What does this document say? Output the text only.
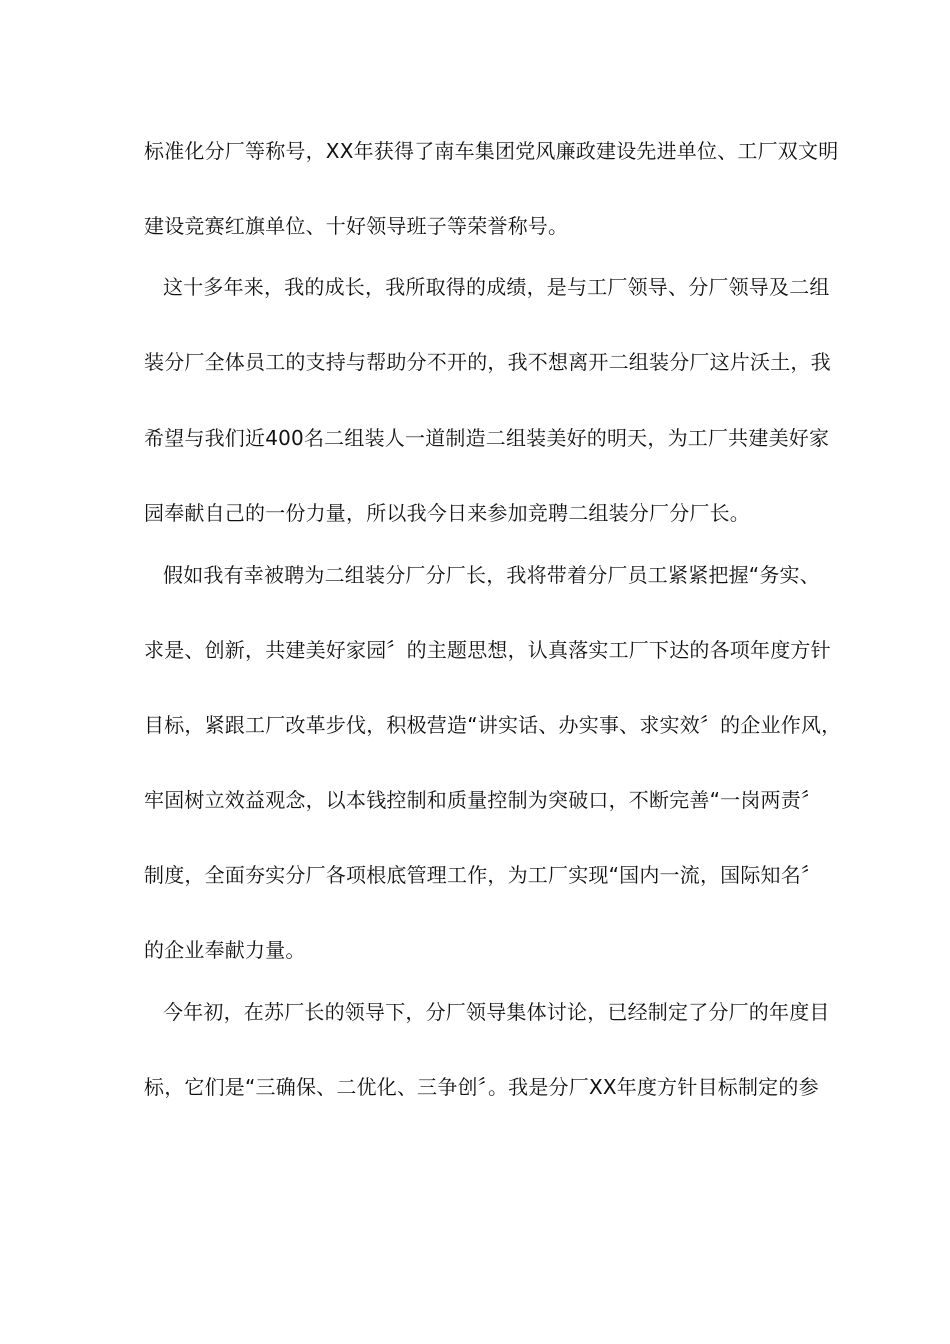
标准化分厂等称号，XX年获得了南车集团党风廉政建设先进单位、工厂双文明
建设竞赛红旗单位、十好领导班子等荣誉称号。
这十多年来，我的成长，我所取得的成绩，是与工厂领导、分厂领导及二组
装分厂全体员工的支持与帮助分不开的，我不想离开二组装分厂这片沃土，我
希望与我们近400名二组装人一道制造二组装美好的明天，为工厂共建美好家
园奉献自己的一份力量，所以我今日来参加竞聘二组装分厂分厂长。
假如我有幸被聘为二组装分厂分厂长，我将带着分厂员工紧紧把握“务实、
求是、创新，共建美好家园〞的主题思想，认真落实工厂下达的各项年度方针
目标，紧跟工厂改革步伐，积极营造“讲实话、办实事、求实效〞的企业作风，
牢固树立效益观念，以本钱控制和质量控制为突破口，不断完善“一岗两责〞
制度，全面夯实分厂各项根底管理工作，为工厂实现“国内一流，国际知名〞
的企业奉献力量。
今年初，在苏厂长的领导下，分厂领导集体讨论，已经制定了分厂的年度目
标，它们是“三确保、二优化、三争创〞。我是分厂XX年度方针目标制定的参
